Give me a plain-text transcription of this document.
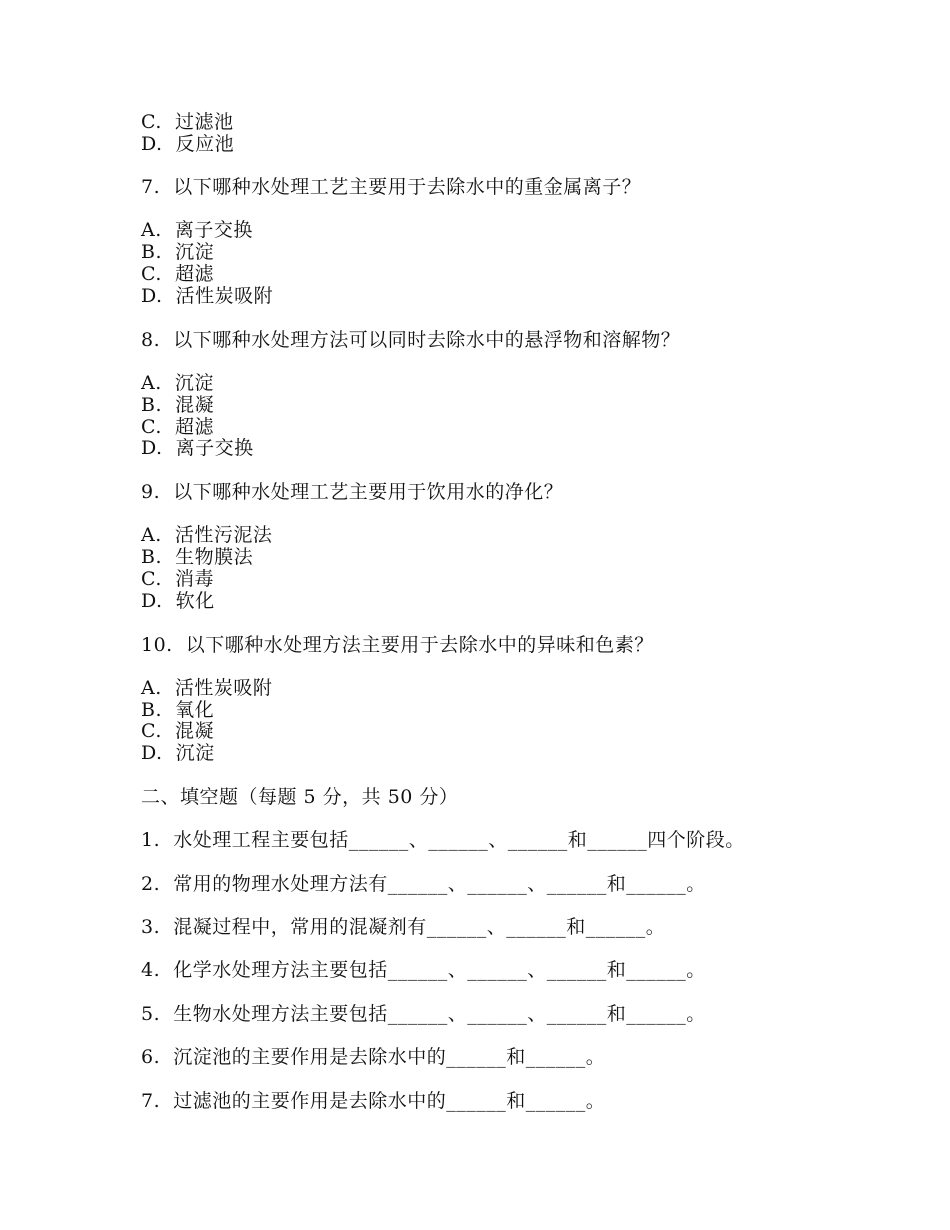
C.  过滤池
D.  反应池
7.  以下哪种水处理工艺主要用于去除水中的重金属离子？
A.  离子交换
B.  沉淀
C.  超滤
D.  活性炭吸附
8.  以下哪种水处理方法可以同时去除水中的悬浮物和溶解物？
A.  沉淀
B.  混凝
C.  超滤
D.  离子交换
9.  以下哪种水处理工艺主要用于饮用水的净化？
A.  活性污泥法
B.  生物膜法
C.  消毒
D.  软化
10.  以下哪种水处理方法主要用于去除水中的异味和色素？
A.  活性炭吸附
B.  氧化
C.  混凝
D.  沉淀
二、填空题（每题 5 分，共 50 分）
1.  水处理工程主要包括______、______、______和______四个阶段。
2.  常用的物理水处理方法有______、______、______和______。
3.  混凝过程中，常用的混凝剂有______、______和______。
4.  化学水处理方法主要包括______、______、______和______。
5.  生物水处理方法主要包括______、______、______和______。
6.  沉淀池的主要作用是去除水中的______和______。
7.  过滤池的主要作用是去除水中的______和______。
